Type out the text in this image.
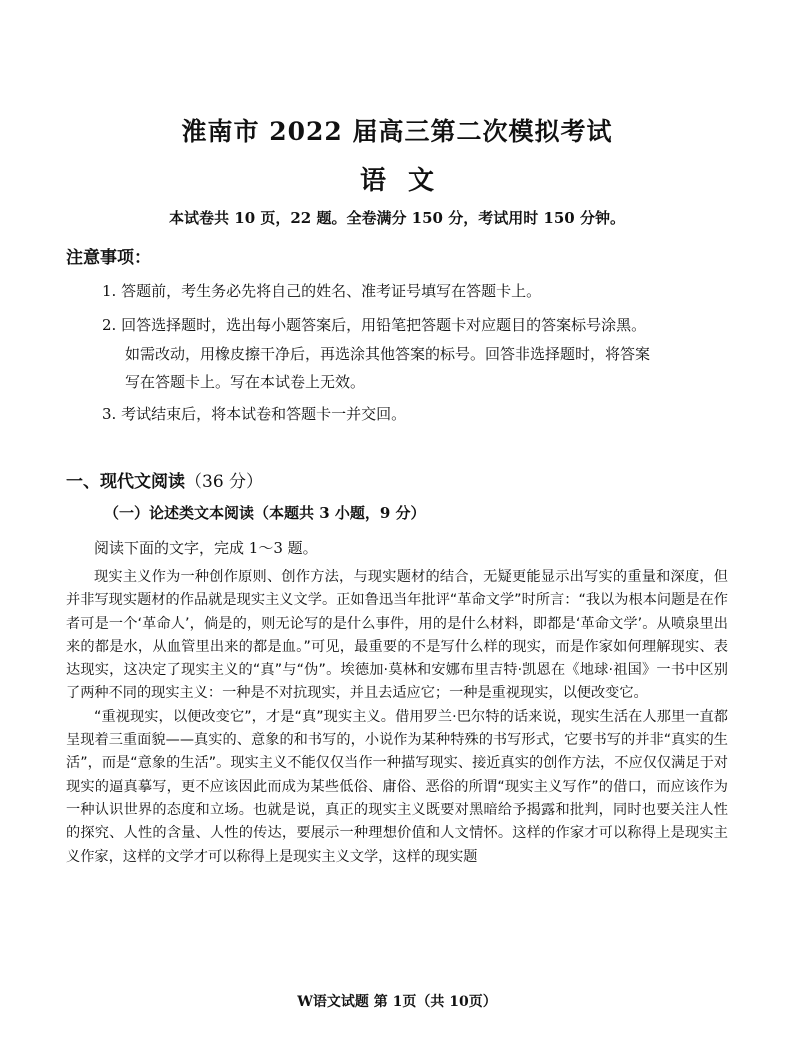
淮南市 2022 届高三第二次模拟考试
语文
本试卷共 10 页，22 题。全卷满分 150 分，考试用时 150 分钟。
注意事项：
1. 答题前，考生务必先将自己的姓名、准考证号填写在答题卡上。
2. 回答选择题时，选出每小题答案后，用铅笔把答题卡对应题目的答案标号涂黑。
如需改动，用橡皮擦干净后，再选涂其他答案的标号。回答非选择题时，将答案
写在答题卡上。写在本试卷上无效。
3. 考试结束后，将本试卷和答题卡一并交回。
一、现代文阅读（36 分）
（一）论述类文本阅读（本题共 3 小题，9 分）
阅读下面的文字，完成 1～3 题。

现实主义作为一种创作原则、创作方法，与现实题材的结合，无疑更能显示出写实的重量和深度，但并非写现实题材的作品就是现实主义文学。正如鲁迅当年批评“革命文学”时所言：“我以为根本问题是在作者可是一个‘革命人’，倘是的，则无论写的是什么事件，用的是什么材料，即都是‘革命文学’。从喷泉里出来的都是水，从血管里出来的都是血。”可见，最重要的不是写什么样的现实，而是作家如何理解现实、表达现实，这决定了现实主义的“真”与“伪”。埃德加·莫林和安娜布里吉特·凯恩在《地球·祖国》一书中区别了两种不同的现实主义：一种是不对抗现实，并且去适应它；一种是重视现实，以便改变它。

“重视现实，以便改变它”，才是“真”现实主义。借用罗兰·巴尔特的话来说，现实生活在人那里一直都呈现着三重面貌——真实的、意象的和书写的，小说作为某种特殊的书写形式，它要书写的并非“真实的生活”，而是“意象的生活”。现实主义不能仅仅当作一种描写现实、接近真实的创作方法，不应仅仅满足于对现实的逼真摹写，更不应该因此而成为某些低俗、庸俗、恶俗的所谓“现实主义写作”的借口，而应该作为一种认识世界的态度和立场。也就是说，真正的现实主义既要对黑暗给予揭露和批判，同时也要关注人性的探究、人性的含量、人性的传达，要展示一种理想价值和人文情怀。这样的作家才可以称得上是现实主义作家，这样的文学才可以称得上是现实主义文学，这样的现实题

W语文试题 第 1页（共 10页）
